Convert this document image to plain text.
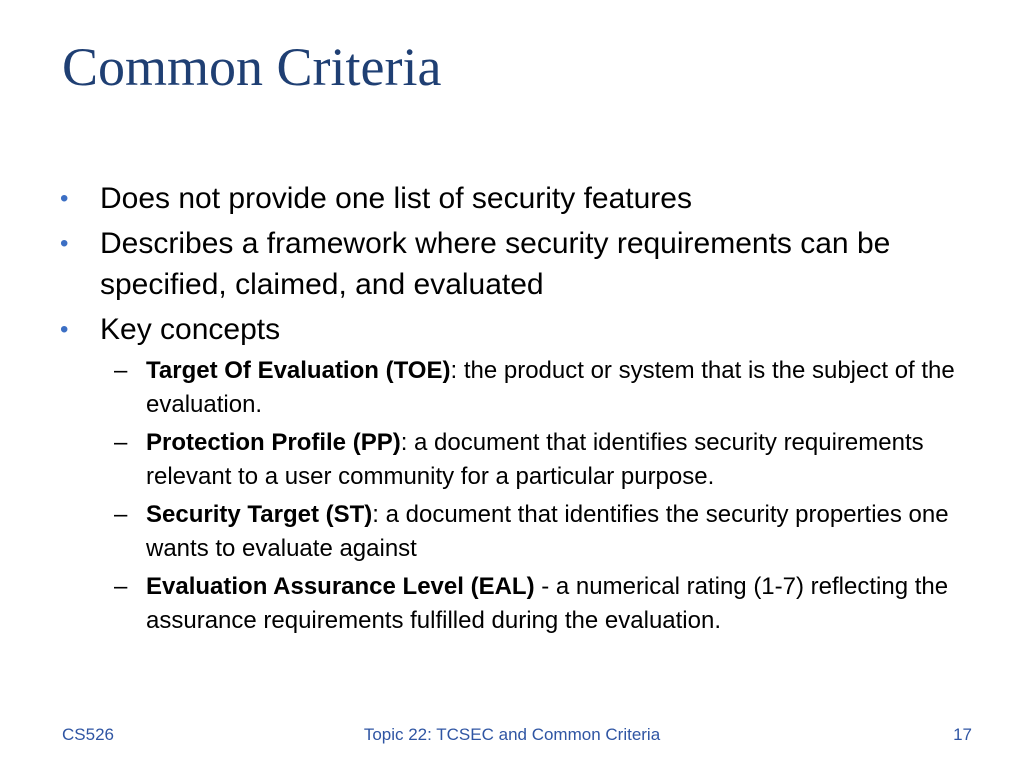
Common Criteria
• Does not provide one list of security features
• Describes a framework where security requirements can be specified, claimed, and evaluated
• Key concepts
– Target Of Evaluation (TOE): the product or system that is the subject of the evaluation.
– Protection Profile (PP): a document that identifies security requirements relevant to a user community for a particular purpose.
– Security Target (ST): a document that identifies the security properties one wants to evaluate against
– Evaluation Assurance Level (EAL) - a numerical rating (1-7) reflecting the assurance requirements fulfilled during the evaluation.
CS526	Topic 22: TCSEC and Common Criteria	17
